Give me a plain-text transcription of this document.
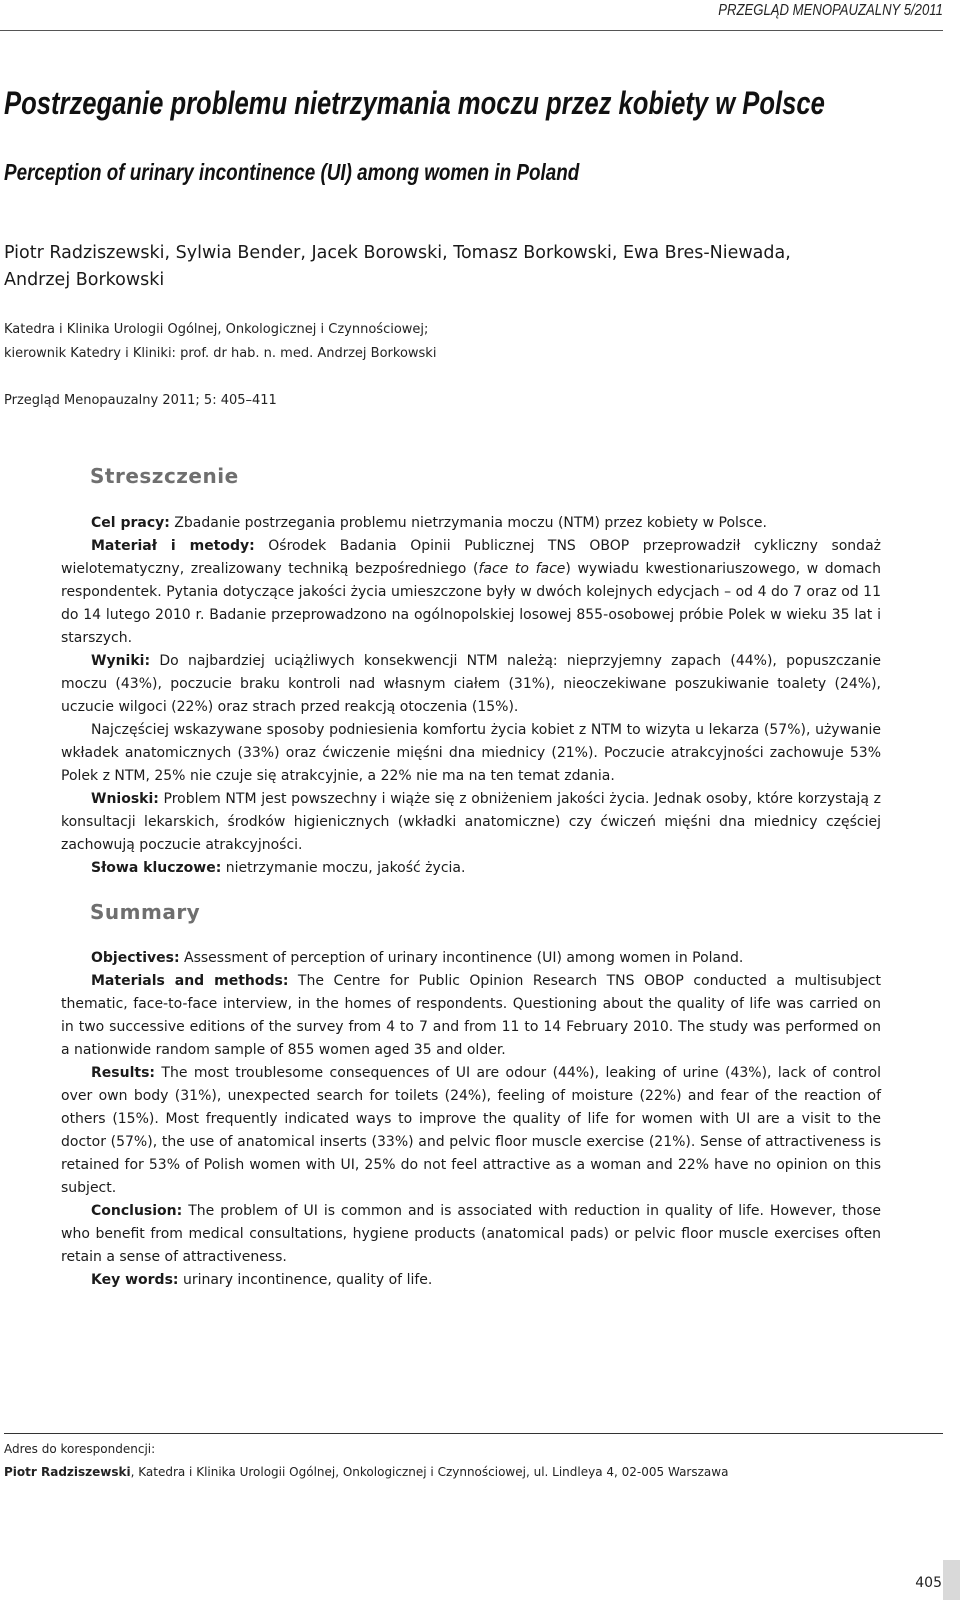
PRZEGLĄD MENOPAUZALNY 5/2011
Postrzeganie problemu nietrzymania moczu przez kobiety w Polsce
Perception of urinary incontinence (UI) among women in Poland
Piotr Radziszewski, Sylwia Bender, Jacek Borowski, Tomasz Borkowski, Ewa Bres-Niewada,
Andrzej Borkowski
Katedra i Klinika Urologii Ogólnej, Onkologicznej i Czynnościowej;
kierownik Katedry i Kliniki: prof. dr hab. n. med. Andrzej Borkowski
Przegląd Menopauzalny 2011; 5: 405–411
Streszczenie

Cel pracy: Zbadanie postrzegania problemu nietrzymania moczu (NTM) przez kobiety w Polsce.

Materiał i metody: Ośrodek Badania Opinii Publicznej TNS OBOP przeprowadził cykliczny sondaż wielotematyczny, zrealizowany techniką bezpośredniego (face to face) wywiadu kwestionariuszowego, w domach respondentek. Pytania dotyczące jakości życia umieszczone były w dwóch kolejnych edycjach – od 4 do 7 oraz od 11 do 14 lutego 2010 r. Badanie przeprowadzono na ogólnopolskiej losowej 855-osobowej próbie Polek w wieku 35 lat i starszych.

Wyniki: Do najbardziej uciążliwych konsekwencji NTM należą: nieprzyjemny zapach (44%), popuszczanie moczu (43%), poczucie braku kontroli nad własnym ciałem (31%), nieoczekiwane poszukiwanie toalety (24%), uczucie wilgoci (22%) oraz strach przed reakcją otoczenia (15%).

Najczęściej wskazywane sposoby podniesienia komfortu życia kobiet z NTM to wizyta u lekarza (57%), używanie wkładek anatomicznych (33%) oraz ćwiczenie mięśni dna miednicy (21%). Poczucie atrakcyjności zachowuje 53% Polek z NTM, 25% nie czuje się atrakcyjnie, a 22% nie ma na ten temat zdania.

Wnioski: Problem NTM jest powszechny i wiąże się z obniżeniem jakości życia. Jednak osoby, które korzystają z konsultacji lekarskich, środków higienicznych (wkładki anatomiczne) czy ćwiczeń mięśni dna miednicy częściej zachowują poczucie atrakcyjności.

Słowa kluczowe: nietrzymanie moczu, jakość życia.

Summary

Objectives: Assessment of perception of urinary incontinence (UI) among women in Poland.

Materials and methods: The Centre for Public Opinion Research TNS OBOP conducted a multisubject thematic, face-to-face interview, in the homes of respondents. Questioning about the quality of life was carried on in two successive editions of the survey from 4 to 7 and from 11 to 14 February 2010. The study was performed on a nationwide random sample of 855 women aged 35 and older.

Results: The most troublesome consequences of UI are odour (44%), leaking of urine (43%), lack of control over own body (31%), unexpected search for toilets (24%), feeling of moisture (22%) and fear of the reaction of others (15%). Most frequently indicated ways to improve the quality of life for women with UI are a visit to the doctor (57%), the use of anatomical inserts (33%) and pelvic floor muscle exercise (21%). Sense of attractiveness is retained for 53% of Polish women with UI, 25% do not feel attractive as a woman and 22% have no opinion on this subject.

Conclusion: The problem of UI is common and is associated with reduction in quality of life. However, those who benefit from medical consultations, hygiene products (anatomical pads) or pelvic floor muscle exercises often retain a sense of attractiveness.

Key words: urinary incontinence, quality of life.

Adres do korespondencji:
Piotr Radziszewski, Katedra i Klinika Urologii Ogólnej, Onkologicznej i Czynnościowej, ul. Lindleya 4, 02-005 Warszawa
405
